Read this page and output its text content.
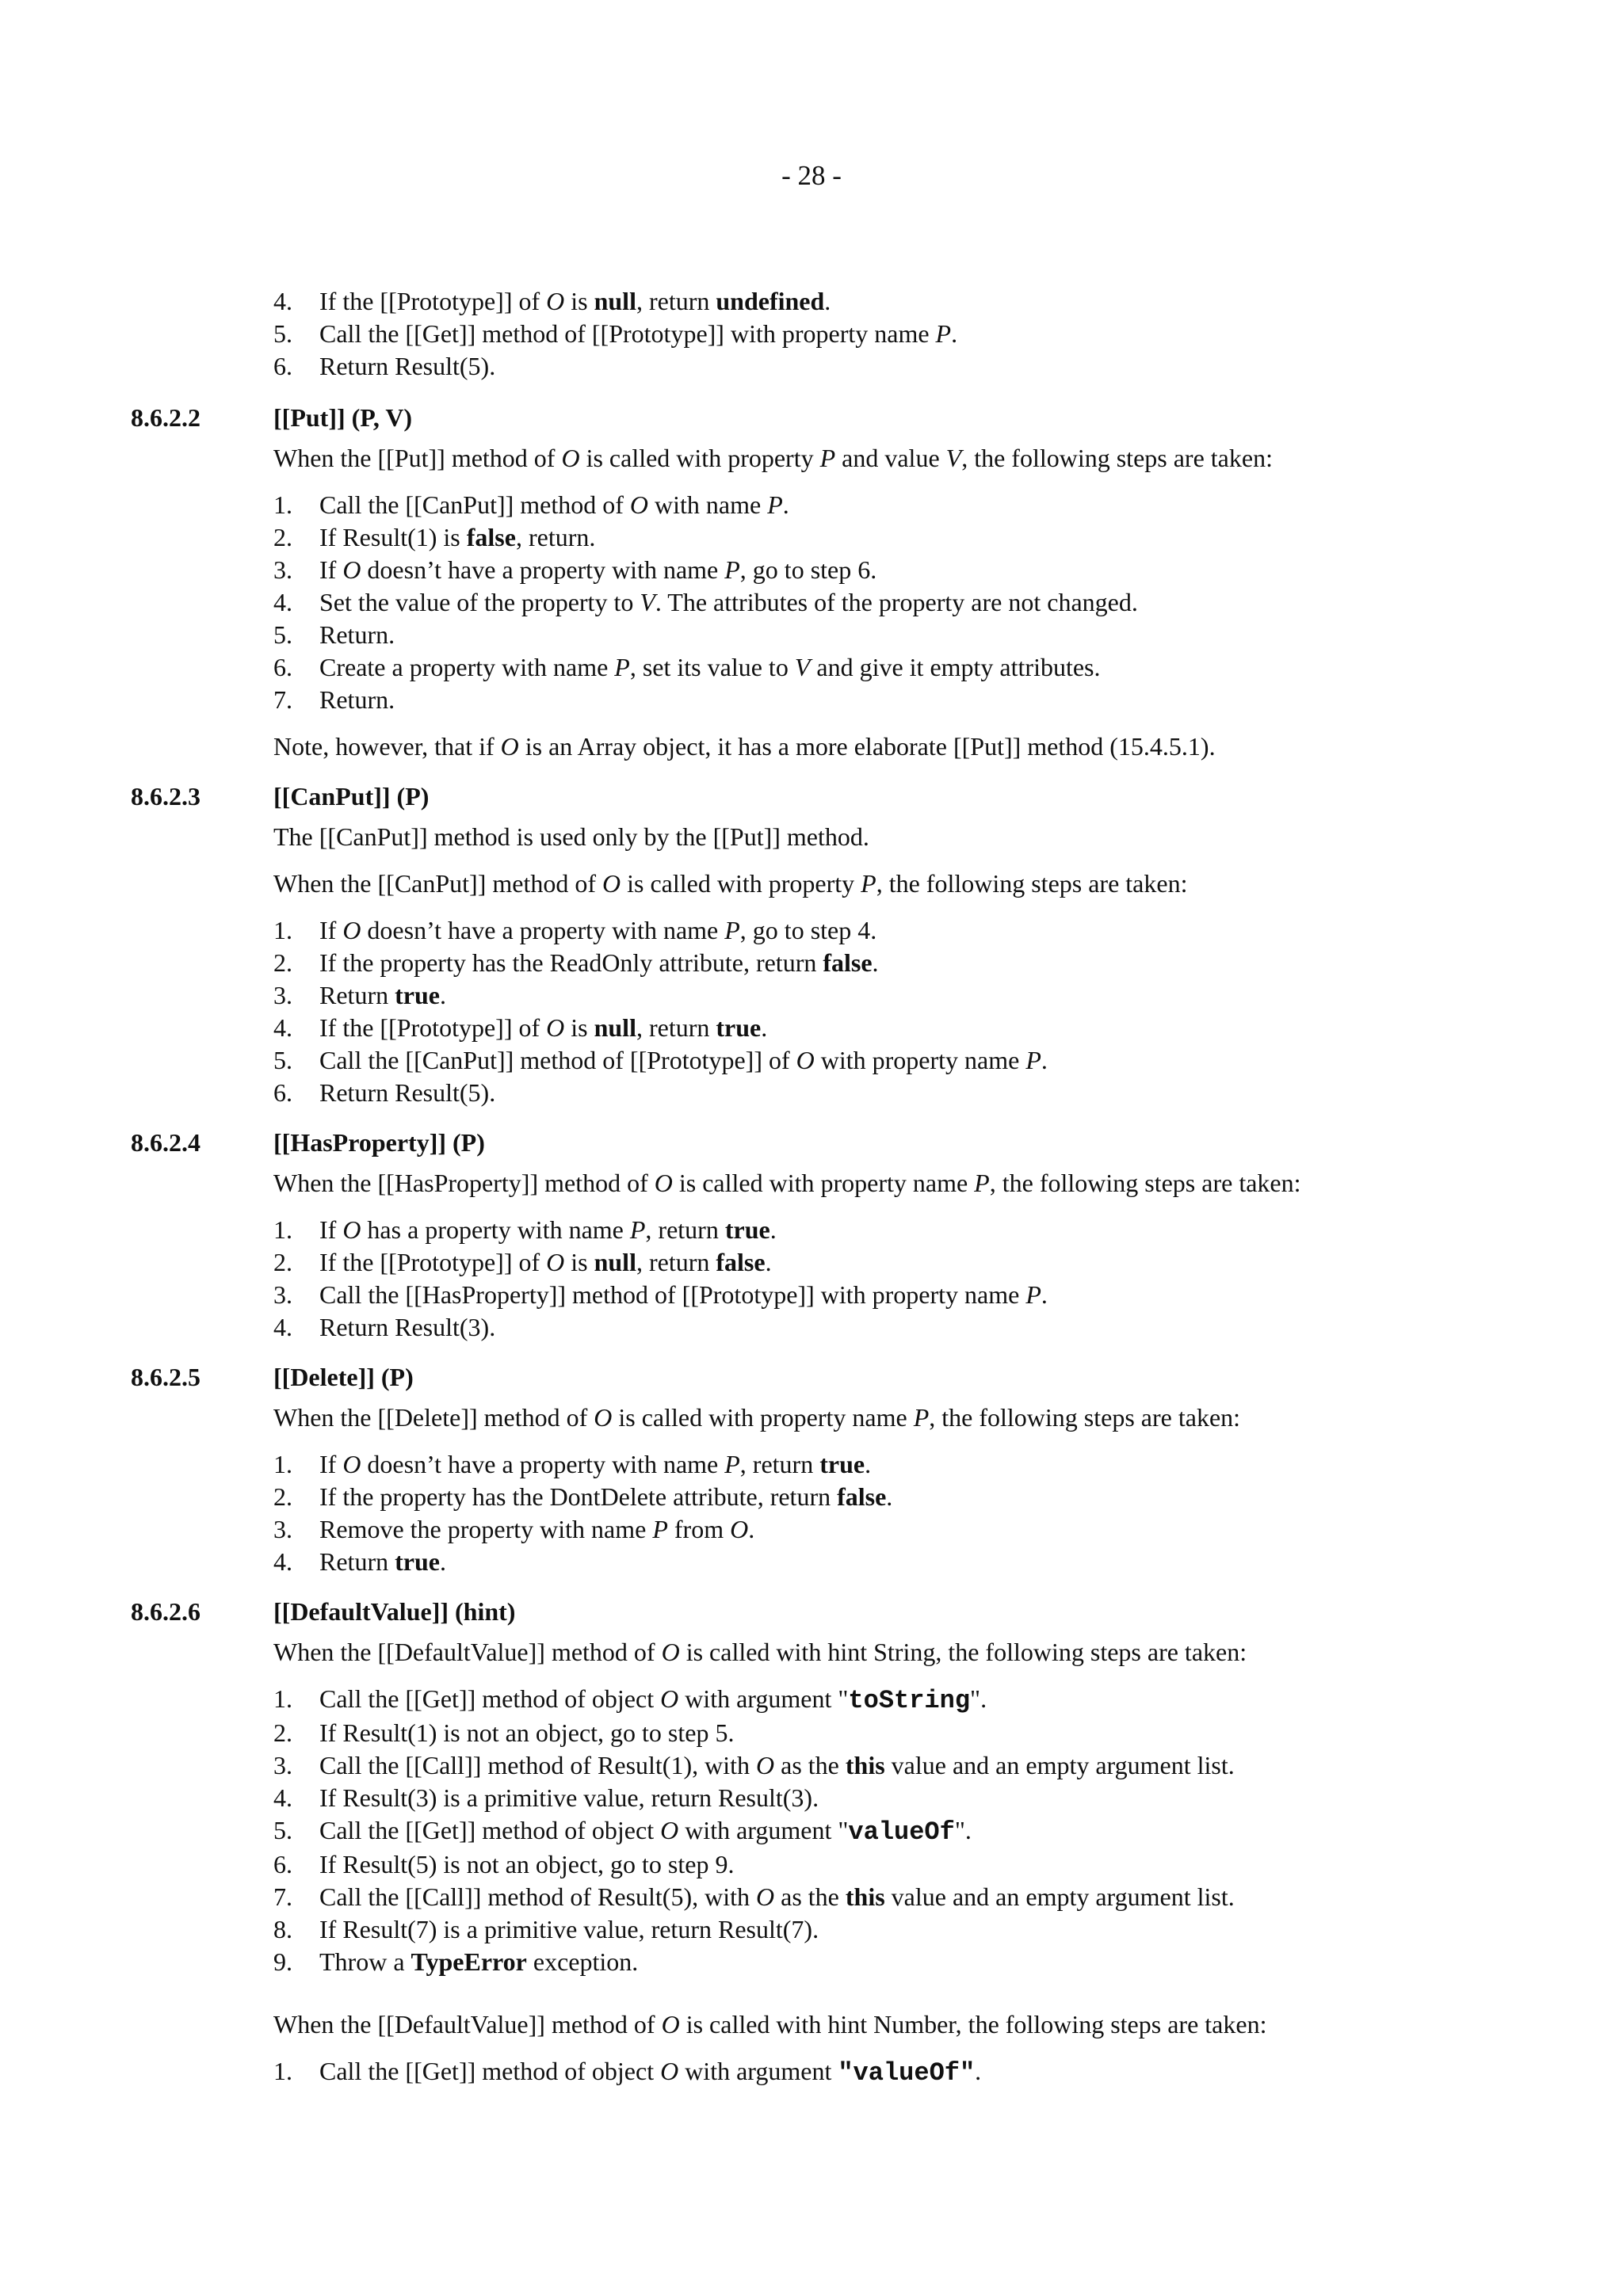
- 28 -
4.	If the [[Prototype]] of O is null, return undefined.
5.	Call the [[Get]] method of [[Prototype]] with property name P.
6.	Return Result(5).
8.6.2.2	[[Put]] (P, V)
When the [[Put]] method of O is called with property P and value V, the following steps are taken:
1.	Call the [[CanPut]] method of O with name P.
2.	If Result(1) is false, return.
3.	If O doesn’t have a property with name P, go to step 6.
4.	Set the value of the property to V. The attributes of the property are not changed.
5.	Return.
6.	Create a property with name P, set its value to V and give it empty attributes.
7.	Return.
Note, however, that if O is an Array object, it has a more elaborate [[Put]] method (15.4.5.1).
8.6.2.3	[[CanPut]] (P)
The [[CanPut]] method is used only by the [[Put]] method.
When the [[CanPut]] method of O is called with property P, the following steps are taken:
1.	If O doesn’t have a property with name P, go to step 4.
2.	If the property has the ReadOnly attribute, return false.
3.	Return true.
4.	If the [[Prototype]] of O is null, return true.
5.	Call the [[CanPut]] method of [[Prototype]] of O with property name P.
6.	Return Result(5).
8.6.2.4	[[HasProperty]] (P)
When the [[HasProperty]] method of O is called with property name P, the following steps are taken:
1.	If O has a property with name P, return true.
2.	If the [[Prototype]] of O is null, return false.
3.	Call the [[HasProperty]] method of [[Prototype]] with property name P.
4.	Return Result(3).
8.6.2.5	[[Delete]] (P)
When the [[Delete]] method of O is called with property name P, the following steps are taken:
1.	If O doesn’t have a property with name P, return true.
2.	If the property has the DontDelete attribute, return false.
3.	Remove the property with name P from O.
4.	Return true.
8.6.2.6	[[DefaultValue]] (hint)
When the [[DefaultValue]] method of O is called with hint String, the following steps are taken:
1.	Call the [[Get]] method of object O with argument "toString".
2.	If Result(1) is not an object, go to step 5.
3.	Call the [[Call]] method of Result(1), with O as the this value and an empty argument list.
4.	If Result(3) is a primitive value, return Result(3).
5.	Call the [[Get]] method of object O with argument "valueOf".
6.	If Result(5) is not an object, go to step 9.
7.	Call the [[Call]] method of Result(5), with O as the this value and an empty argument list.
8.	If Result(7) is a primitive value, return Result(7).
9.	Throw a TypeError exception.
When the [[DefaultValue]] method of O is called with hint Number, the following steps are taken:
1.	Call the [[Get]] method of object O with argument "valueOf".
